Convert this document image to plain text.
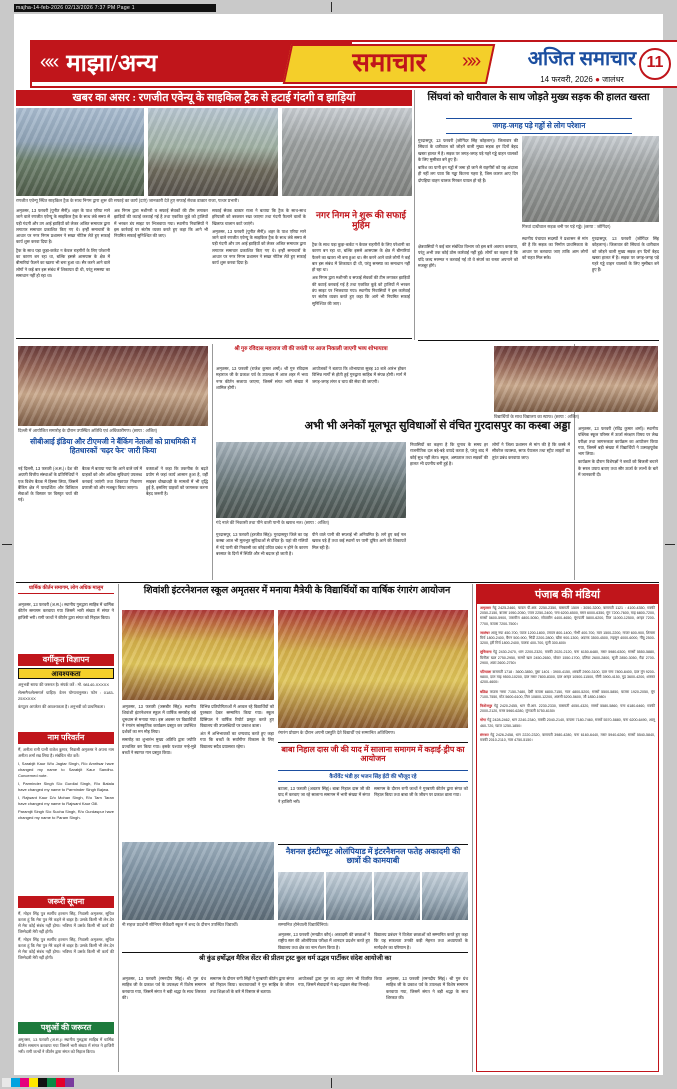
majha-14-feb-2026 02/13/2026 7:37 PM Page 1
«« माझा/अन्य	समाचार	»»	अजित समाचार
14 फरवरी, 2026 ● जालंधर
11
खबर का असर : रणजीत एवेन्यू के साइकिल ट्रैक से हटाई गंदगी व झाड़ियां
रणजीत एवेन्यू स्थित साइकिल ट्रैक के साथ निगम द्वारा शुरू की सफाई का कार्य (दाएं) जानकारी देते हुए सफाई सेवक डाक्टर राजा, पत्थर प्रभारी।

अमृतसर, 13 फरवरी (पुनीत सैनी)। शहर के पाश एरिया माने जाने वाले रणजीत एवेन्यू के साइकिल ट्रैक के साथ लंबे समय से पड़ी गंदगी और उग आई झाड़ियों को लेकर अजित समाचार द्वारा लगातार समाचार प्रकाशित किए गए थे। इन्हीं समाचारों के आधार पर नगर निगम प्रशासन ने सख्त नोटिस लेते हुए सफाई कार्य शुरू करवा दिया है।

ट्रैक के साथ पड़ा कूड़ा-कर्कट न केवल राहगीरों के लिए परेशानी का कारण बन रहा था, बल्कि इससे आसपास के क्षेत्र में बीमारियां फैलने का खतरा भी बना हुआ था। सैर करने आने वाले लोगों ने कई बार इस संबंध में शिकायत दी थी, परंतु समस्या का समाधान नहीं हो रहा था।

अब निगम द्वारा मशीनरी व सफाई सेवकों की टीम लगाकर झाड़ियों की कटाई करवाई गई है तथा एकत्रित कूड़े को ट्रालियों में भरकर डंप साइट पर भिजवाया गया। स्थानीय निवासियों ने इस कार्रवाई पर संतोष व्यक्त करते हुए कहा कि आगे भी नियमित सफाई सुनिश्चित की जाए।

सफाई सेवक डाक्टर राजा ने बताया कि ट्रैक के साथ-साथ हरियाली को बरकरार रखा जाएगा तथा गंदगी फैलाने वालों के खिलाफ चालान काटे जाएंगे।

अमृतसर, 13 फरवरी (पुनीत सैनी)। शहर के पाश एरिया माने जाने वाले रणजीत एवेन्यू के साइकिल ट्रैक के साथ लंबे समय से पड़ी गंदगी और उग आई झाड़ियों को लेकर अजित समाचार द्वारा लगातार समाचार प्रकाशित किए गए थे। इन्हीं समाचारों के आधार पर नगर निगम प्रशासन ने सख्त नोटिस लेते हुए सफाई कार्य शुरू करवा दिया है।

नगर निगम ने शुरू की सफाई मुहिम

ट्रैक के साथ पड़ा कूड़ा-कर्कट न केवल राहगीरों के लिए परेशानी का कारण बन रहा था, बल्कि इससे आसपास के क्षेत्र में बीमारियां फैलने का खतरा भी बना हुआ था। सैर करने आने वाले लोगों ने कई बार इस संबंध में शिकायत दी थी, परंतु समस्या का समाधान नहीं हो रहा था।

अब निगम द्वारा मशीनरी व सफाई सेवकों की टीम लगाकर झाड़ियों की कटाई करवाई गई है तथा एकत्रित कूड़े को ट्रालियों में भरकर डंप साइट पर भिजवाया गया। स्थानीय निवासियों ने इस कार्रवाई पर संतोष व्यक्त करते हुए कहा कि आगे भी नियमित सफाई सुनिश्चित की जाए।

सिंघवां को धारीवाल के साथ जोड़ते मुख्य सड़क की हालत खस्ता
जगह-जगह पड़े गड्ढों से लोग परेशान

गुरदासपुर, 13 फरवरी (जोगिंदर सिंह कोहलान)। जिलावार की सिंघवां के धारीवाल को जोड़ने वाली मुख्य सड़क इन दिनों बेहद खस्ता हालत में है। सड़क पर जगह-जगह पड़े गहरे गड्ढे वाहन चालकों के लिए मुसीबत बने हुए हैं।

बारिश का पानी इन गड्ढों में जमा हो जाने से राहगीरों को यह अंदाजा ही नहीं लग पाता कि गड्ढा कितना गहरा है, जिस कारण आए दिन दोपहिया वाहन चालक गिरकर घायल हो रहे हैं।

गिरवां दाधीवाल सड़क बनी पर पड़े गड्ढे। (छाया : जोगिंदर)

क्षेत्रवासियों ने कई बार संबंधित विभाग को इस बारे अवगत करवाया, परंतु अभी तक कोई ठोस कार्रवाई नहीं हुई। लोगों का कहना है कि यदि जल्द मरम्मत न करवाई गई तो वे संघर्ष का रास्ता अपनाने को मजबूर होंगे।

स्थानीय पंचायत सदस्यों ने प्रशासन से मांग की है कि सड़क का निर्माण प्राथमिकता के आधार पर करवाया जाए ताकि आम लोगों को राहत मिल सके।

गुरदासपुर, 13 फरवरी (जोगिंदर सिंह कोहलान)। जिलावार की सिंघवां के धारीवाल को जोड़ने वाली मुख्य सड़क इन दिनों बेहद खस्ता हालत में है। सड़क पर जगह-जगह पड़े गहरे गड्ढे वाहन चालकों के लिए मुसीबत बने हुए हैं।

दिल्ली में आयोजित समारोह के दौरान उपस्थित अतिथि एवं अधिकारीगण। (छाया : अजित)
सीबीआई इंडिया और टीएमजी ने बैंकिंग नेताओं को प्राथमिकी में हितधारकों 'चढ़र फेर' जारी किया

नई दिल्ली, 13 फरवरी (अ.स.)। देश की अग्रणी वित्तीय संस्थाओं के प्रतिनिधियों ने एक विशेष बैठक में हिस्सा लिया, जिसमें बैंकिंग क्षेत्र में पारदर्शिता और डिजिटल सेवाओं के विस्तार पर विस्तृत चर्चा की गई।

बैठक में बताया गया कि आने वाले वर्ष में ग्राहकों को और अधिक सुविधाएं उपलब्ध करवाई जाएंगी तथा शिकायत निवारण प्रणाली को और मजबूत किया जाएगा।

वक्ताओं ने कहा कि तकनीक के बढ़ते प्रयोग से जहां कार्य आसान हुआ है, वहीं साइबर धोखाधड़ी के मामलों में भी वृद्धि हुई है, इसलिए ग्राहकों को जागरूक करना बेहद जरूरी है।

श्री गुरु रविदास महाराज जी की जयंती पर आज निकाली जाएगी भव्य शोभायात्रा

अमृतसर, 13 फरवरी (राजेश कुमार शर्मा)। श्री गुरु रविदास महाराज जी के प्रकाश पर्व के उपलक्ष्य में आज शहर में भव्य नगर कीर्तन सजाया जाएगा, जिसमें संगत भारी संख्या में शामिल होगी।

आयोजकों ने बताया कि शोभायात्रा सुबह 10 बजे आरंभ होकर विभिन्न मार्गों से होती हुई गुरुद्वारा साहिब में संपन्न होगी। मार्ग में जगह-जगह लंगर व चाय की सेवा की जाएगी।

अभी भी अनेकों मूलभूत सुविधाओं से वंचित गुरदासपुर का कस्बा अड्डा
गंदे नाले की निकासी तथा पीने वाली पानी के खराब नल। (छाया : अजित)

गुरदासपुर, 13 फरवरी (हरजीत सिंह)। गुरदासपुर जिले का यह कस्बा आज भी मूलभूत सुविधाओं से वंचित है। यहां की गलियों में गंदे पानी की निकासी का कोई उचित प्रबंध न होने के कारण बरसात के दिनों में स्थिति और भी बदतर हो जाती है।

पीने वाले पानी की सप्लाई भी अनियमित है। लगे हुए कई नल खराब पड़े हैं तथा कई स्थानों पर पानी दूषित आने की शिकायतें मिल रही हैं।

निवासियों का कहना है कि चुनाव के समय हर राजनीतिक दल बड़े-बड़े वायदे करता है, परंतु बाद में कोई सुध नहीं लेता। स्कूल, अस्पताल तथा सड़कों की हालत भी दयनीय बनी हुई है।

लोगों ने जिला प्रशासन से मांग की है कि कस्बे में सीवरेज व्यवस्था, साफ पेयजल तथा स्ट्रीट लाइटों का तुरंत प्रबंध करवाया जाए।

विद्यार्थियों के साथ विद्यालय का स्टाफ। (छाया : अजित)

अमृतसर, 13 फरवरी (रविंद्र कुमार शर्मा)। स्थानीय पब्लिक स्कूल परिसर में ऊर्जा संरक्षण विषय पर लेख परीक्षा तथा जागरूकता कार्यक्रम का आयोजन किया गया, जिसमें बड़ी संख्या में विद्यार्थियों ने उत्साहपूर्वक भाग लिया।

कार्यक्रम के दौरान विशेषज्ञों ने बच्चों को बिजली बचाने के सरल उपाय बताए तथा सौर ऊर्जा के लाभों के बारे में जानकारी दी।

धार्मिक कीर्तन समागम, लोग अधिक मालूम

अमृतसर, 13 फरवरी (अ.स.)। स्थानीय गुरुद्वारा साहिब में धार्मिक कीर्तन समागम करवाया गया जिसमें भारी संख्या में संगत ने हाजिरी भरी। रागी जत्थों ने कीर्तन द्वारा संगत को निहाल किया।

वर्गीकृत विज्ञापन
आवश्यकता

अनुभवी स्टाफ की जरूरत है। संपर्क करें : मो. 98140-XXXXX

सेल्समैन/सेल्सगर्ल चाहिए। वेतन योग्यतानुसार। फोन : 0183-25XXXXX

कंप्यूटर आपरेटर की आवश्यकता है। अनुभवी को प्राथमिकता।

नाम परिवर्तन

मैं, अनीता रानी पत्नी राजेश कुमार, निवासी अमृतसर ने अपना नाम अनीता शर्मा रख लिया है। संबंधित नोट करें।

I, Sarabjit Kaur W/o Jagtar Singh, R/o Amritsar have changed my name to Sarabjit Kaur Sandhu. Concerned note.

I, Parminder Singh S/o Gurdial Singh, R/o Batala have changed my name to Parminder Singh Bajwa.

I, Rajwant Kaur D/o Mohan Singh, R/o Tarn Taran have changed my name to Rajwant Kaur Gill.

Paramjit Singh S/o Sucha Singh, R/o Gurdaspur have changed my name to Param Singh.

जरूरी सूचना

मैं, मोहन सिंह पुत्र स्वर्गीय हरनाम सिंह, निवासी अमृतसर, सूचित करता हूं कि मेरा पुत्र मेरे कहने से बाहर है। उसके किसी भी लेन-देन से मेरा कोई संबंध नहीं होगा। भविष्य में उसके किसी भी कार्य की जिम्मेदारी मेरी नहीं होगी।

मैं, मोहन सिंह पुत्र स्वर्गीय हरनाम सिंह, निवासी अमृतसर, सूचित करता हूं कि मेरा पुत्र मेरे कहने से बाहर है। उसके किसी भी लेन-देन से मेरा कोई संबंध नहीं होगा। भविष्य में उसके किसी भी कार्य की जिम्मेदारी मेरी नहीं होगी।

पशुओं की जरूरत

अमृतसर, 13 फरवरी (अ.स.)। स्थानीय गुरुद्वारा साहिब में धार्मिक कीर्तन समागम करवाया गया जिसमें भारी संख्या में संगत ने हाजिरी भरी। रागी जत्थों ने कीर्तन द्वारा संगत को निहाल किया।

शिवांशी इंटरनेशनल स्कूल अमृतसर में मनाया मैत्रेयी के विद्यार्थियों का वार्षिक रंगारंग आयोजन
रंगारंग प्रोग्राम के दौरान अपनी प्रस्तुति देते विद्यार्थी एवं सम्मानित अतिथिगण।

अमृतसर, 13 फरवरी (जसबीर सिंह)। स्थानीय शिवांशी इंटरनेशनल स्कूल में वार्षिक समारोह बड़े धूमधाम से मनाया गया। इस अवसर पर विद्यार्थियों ने रंगारंग सांस्कृतिक कार्यक्रम प्रस्तुत कर उपस्थित दर्शकों का मन मोह लिया।

समारोह का शुभारंभ मुख्य अतिथि द्वारा ज्योति प्रज्वलित कर किया गया। इसके पश्चात नन्हे-मुन्ने बच्चों ने स्वागत गान प्रस्तुत किया।

विभिन्न प्रतियोगिताओं में अव्वल रहे विद्यार्थियों को पुरस्कार देकर सम्मानित किया गया। स्कूल प्रिंसिपल ने वार्षिक रिपोर्ट प्रस्तुत करते हुए विद्यालय की उपलब्धियों पर प्रकाश डाला।

अंत में अभिभावकों का धन्यवाद करते हुए कहा गया कि बच्चों के सर्वांगीण विकास के लिए विद्यालय सदैव प्रयासरत रहेगा।

नी सहज प्रदर्शनी सीनियर सैकेंडरी स्कूल में शब्द के दौरान उपस्थित विद्यार्थी।
बाबा निहाल दास जी की याद में सालाना समागम में कड़ाई-ड्रीप का आयोजन
कैरोंवेंट भंडी हर भजन सिंह ईटी की भौजूद रहे

बटाला, 13 फरवरी (अवतार सिंह)। बाबा निहाल दास जी की याद में करवाए जा रहे सालाना समागम में भारी संख्या में संगत ने हाजिरी भरी।

समागम के दौरान रागी जत्थों ने गुरबाणी कीर्तन द्वारा संगत को निहाल किया तथा बाबा जी के जीवन पर प्रकाश डाला गया।

नैशनल इंस्टीच्यूट ओलंपियाड में इंटरनैशनल फतेह अकादमी की छात्रों की कामयाबी
सम्मानित होनेवाली विद्यार्थिनियां।

अमृतसर, 13 फरवरी (मनप्रीत कौर)। अकादमी की छात्राओं ने राष्ट्रीय स्तर की ओलंपियाड परीक्षा में शानदार प्रदर्शन करते हुए विद्यालय तथा क्षेत्र का नाम रोशन किया है।

विद्यालय प्रबंधन ने विजेता छात्राओं को सम्मानित करते हुए कहा कि यह सफलता उनकी कड़ी मेहनत तथा अध्यापकों के मार्गदर्शन का परिणाम है।

श्री कुंड हर्षोद्भव मैरिज सेंटर की प्रीतम ट्रस्ट कुल धर्म उद्भव पार्टीकर संदेश आयोजी का

अमृतसर, 13 फरवरी (रमनदीप सिंह)। श्री गुरु ग्रंथ साहिब जी के प्रकाश पर्व के उपलक्ष्य में विशेष समागम करवाया गया, जिसमें संगत ने बड़ी श्रद्धा के साथ शिरकत की।

समागम के दौरान रागी सिंहों ने गुरबाणी कीर्तन द्वारा संगत को निहाल किया। कथावाचकों ने गुरु साहिब के जीवन तथा शिक्षाओं के बारे में विस्तार से बताया।

आयोजकों द्वारा गुरु का अटूट लंगर भी वितरित किया गया, जिसमें सेवादारों ने बढ़-चढ़कर सेवा निभाई।

अमृतसर, 13 फरवरी (रमनदीप सिंह)। श्री गुरु ग्रंथ साहिब जी के प्रकाश पर्व के उपलक्ष्य में विशेष समागम करवाया गया, जिसमें संगत ने बड़ी श्रद्धा के साथ शिरकत की।

पंजाब की मंडियां
अमृतसर गेहूं 2425-2460, चावल पी.आर. 2250-2350, बासमती 1509 : 3050-3200, बासमती 1121 : 4100-4350, मक्की 2050-2150, बाजरा 1950-2050, ज्वार 2250-2400, चना 6200-6500, मसर 6000-6350, मूंग 7200-7600, माह 6800-7200, सरसों 5600-5900, तारामीरा 4800-5050, सोयाबीन 4400-4650, मूंगफली 5800-6200, तिल 11000-12500, अरहर 7200-7700, कपास 7200-7500।
जालंधर आलू नया 450-700, प्याज 1200-1800, टमाटर 800-1400, गोभी 400-700, मटर 1500-2200, गाजर 600-900, शिमला मिर्च 1800-2400, बैंगन 500-900, भिंडी 2200-2800, खीरा 900-1300, अदरक 3500-4500, लहसुन 4000-6000, नींबू 2500-3200, हरी मिर्च 1800-2400, पालक 400-700, मूली 300-600।
लुधियाना गेहूं 2430-2470, धान 2200-2320, मक्की 2020-2120, चना 6150-6480, मसर 5980-6300, सरसों 5550-5880, बिनौला खल 2750-2950, सरसों खल 2450-2650, चोकर 1550-1700, दलिया 2600-2800, सूजी 2850-3050, मैदा 2700-2900, आटा 2600-2750।
पटियाला बासमती 1718 : 3600-3850, पूसा 1401 : 3900-4150, शरबती 2900-3100, दाल चना 7800-8400, दाल मूंग 9200-9800, दाल माह 9500-10200, दाल मसर 7800-8300, दाल अरहर 10500-11500, चीनी 3900-4150, गुड़ 3600-4200, शक्कर 4200-4600।
बठिंडा कपास नरमा 7150-7480, देसी कपास 6800-7150, ग्वार 4800-5200, सरसों 5500-5850, बाजरा 1920-2050, मूंग 7100-7550, मोठ 5600-6100, तिल 10800-12200, अलसी 5200-5600, जौ 1850-1980।
फिरोजपुर गेहूं 2420-2455, धान पी.आर. 2230-2330, बासमती 4050-4320, सरसों 5580-5860, चना 6180-6460, मक्की 2000-2120, मसर 5960-6280, मूंगफली 5750-6150।
मोगा गेहूं 2428-2462, धान 2240-2340, मक्की 2040-2140, कपास 7180-7460, सरसों 5570-5880, चना 6200-6490, आलू 460-720, प्याज 1250-1850।
संगरूर गेहूं 2426-2458, धान 2220-2320, बासमती 3980-4280, चना 6160-6440, मसर 5940-6260, सरसों 5540-5840, मक्की 2010-2110, ग्वार 4750-5150।
